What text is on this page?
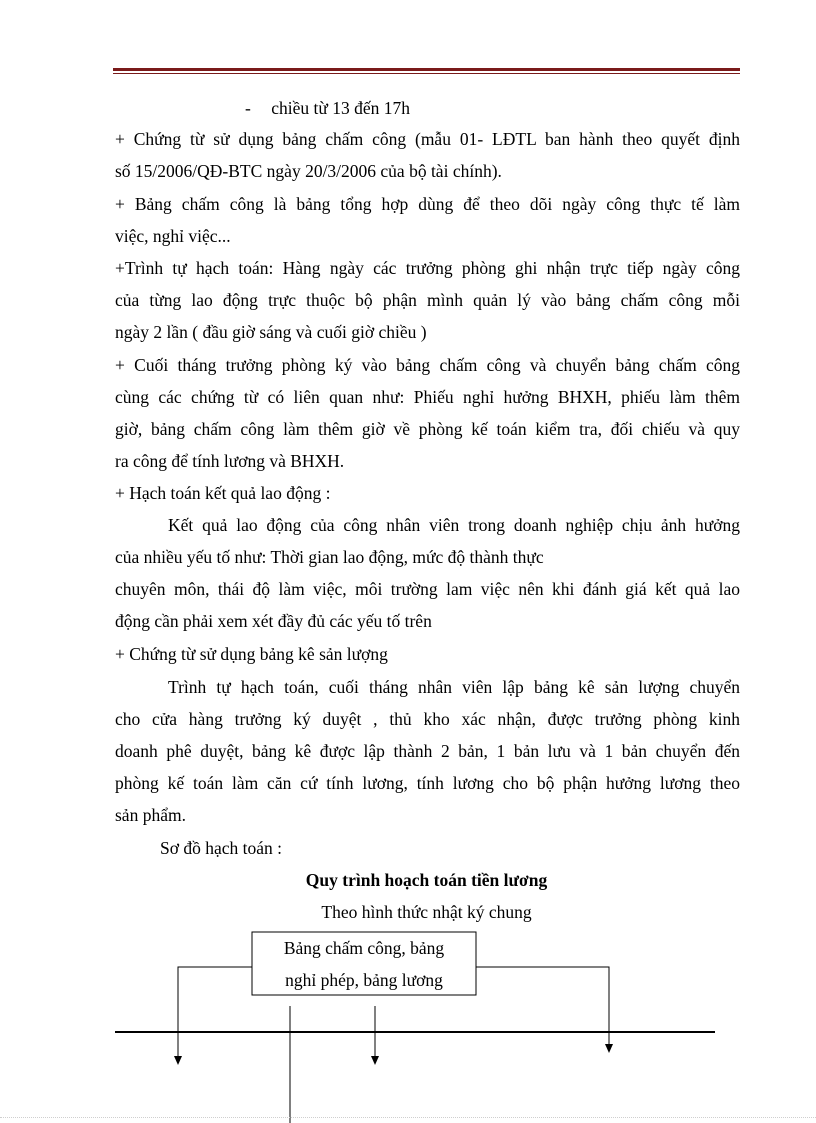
- chiều từ 13 đến 17h
+ Chứng từ sử dụng bảng chấm công (mẫu 01- LĐTL ban hành theo quyết định
số 15/2006/QĐ-BTC ngày 20/3/2006 của bộ tài chính).
+ Bảng chấm công là bảng tổng hợp dùng để theo dõi ngày công thực tế làm
việc, nghỉ việc...
+Trình tự hạch toán: Hàng ngày các trưởng phòng ghi nhận trực tiếp ngày công
của từng lao động trực thuộc bộ phận mình quản lý vào bảng chấm công mỗi
ngày 2 lần ( đầu giờ sáng và cuối giờ chiều )
+ Cuối tháng trưởng phòng ký vào bảng chấm công và chuyển bảng chấm công
cùng các chứng từ có liên quan như: Phiếu nghỉ hưởng BHXH, phiếu làm thêm
giờ, bảng chấm công làm thêm giờ về phòng kế toán kiểm tra, đối chiếu và quy
ra công để tính lương và BHXH.
+ Hạch toán kết quả lao động :
Kết quả lao động của công nhân viên trong doanh nghiệp chịu ảnh hưởng
của nhiều yếu tố như: Thời gian lao động, mức độ thành thực
chuyên môn, thái độ làm việc, môi trường lam việc nên khi đánh giá kết quả lao
động cần phải xem xét đầy đủ các yếu tố trên
+ Chứng từ sử dụng bảng kê sản lượng
Trình tự hạch toán, cuối tháng nhân viên lập bảng kê sản lượng chuyển
cho cửa hàng trưởng ký duyệt , thủ kho xác nhận, được trưởng phòng kinh
doanh phê duyệt, bảng kê được lập thành 2 bản, 1 bản lưu và 1 bản chuyển đến
phòng kế toán làm căn cứ tính lương, tính lương cho bộ phận hưởng lương theo
sản phẩm.
Sơ đồ hạch toán :
Quy trình hoạch toán tiền lương
Theo hình thức nhật ký chung
Bảng chấm công, bảng
nghỉ phép, bảng lương
